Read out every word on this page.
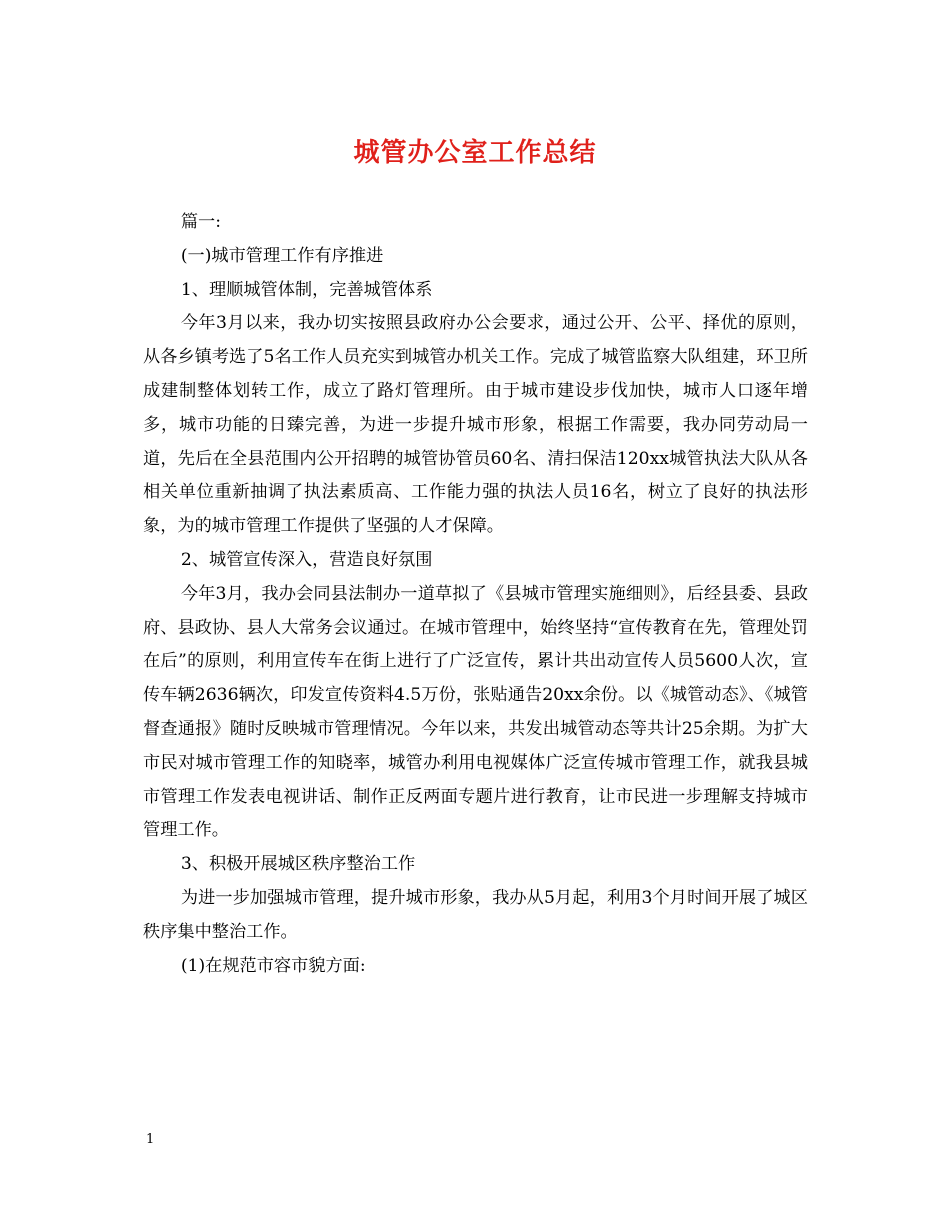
城管办公室工作总结

篇一:

(一)城市管理工作有序推进

1、理顺城管体制，完善城管体系

今年3月以来，我办切实按照县政府办公会要求，通过公开、公平、择优的原则，从各乡镇考选了5名工作人员充实到城管办机关工作。完成了城管监察大队组建，环卫所成建制整体划转工作，成立了路灯管理所。由于城市建设步伐加快，城市人口逐年增多，城市功能的日臻完善，为进一步提升城市形象，根据工作需要，我办同劳动局一道，先后在全县范围内公开招聘的城管协管员60名、清扫保洁120xx城管执法大队从各相关单位重新抽调了执法素质高、工作能力强的执法人员16名，树立了良好的执法形象，为的城市管理工作提供了坚强的人才保障。

2、城管宣传深入，营造良好氛围

今年3月，我办会同县法制办一道草拟了《县城市管理实施细则》，后经县委、县政府、县政协、县人大常务会议通过。在城市管理中，始终坚持“宣传教育在先，管理处罚在后”的原则，利用宣传车在街上进行了广泛宣传，累计共出动宣传人员5600人次，宣传车辆2636辆次，印发宣传资料4.5万份，张贴通告20xx余份。以《城管动态》、《城管督查通报》随时反映城市管理情况。今年以来，共发出城管动态等共计25余期。为扩大市民对城市管理工作的知晓率，城管办利用电视媒体广泛宣传城市管理工作，就我县城市管理工作发表电视讲话、制作正反两面专题片进行教育，让市民进一步理解支持城市管理工作。

3、积极开展城区秩序整治工作

为进一步加强城市管理，提升城市形象，我办从5月起，利用3个月时间开展了城区秩序集中整治工作。

(1)在规范市容市貌方面:

1
